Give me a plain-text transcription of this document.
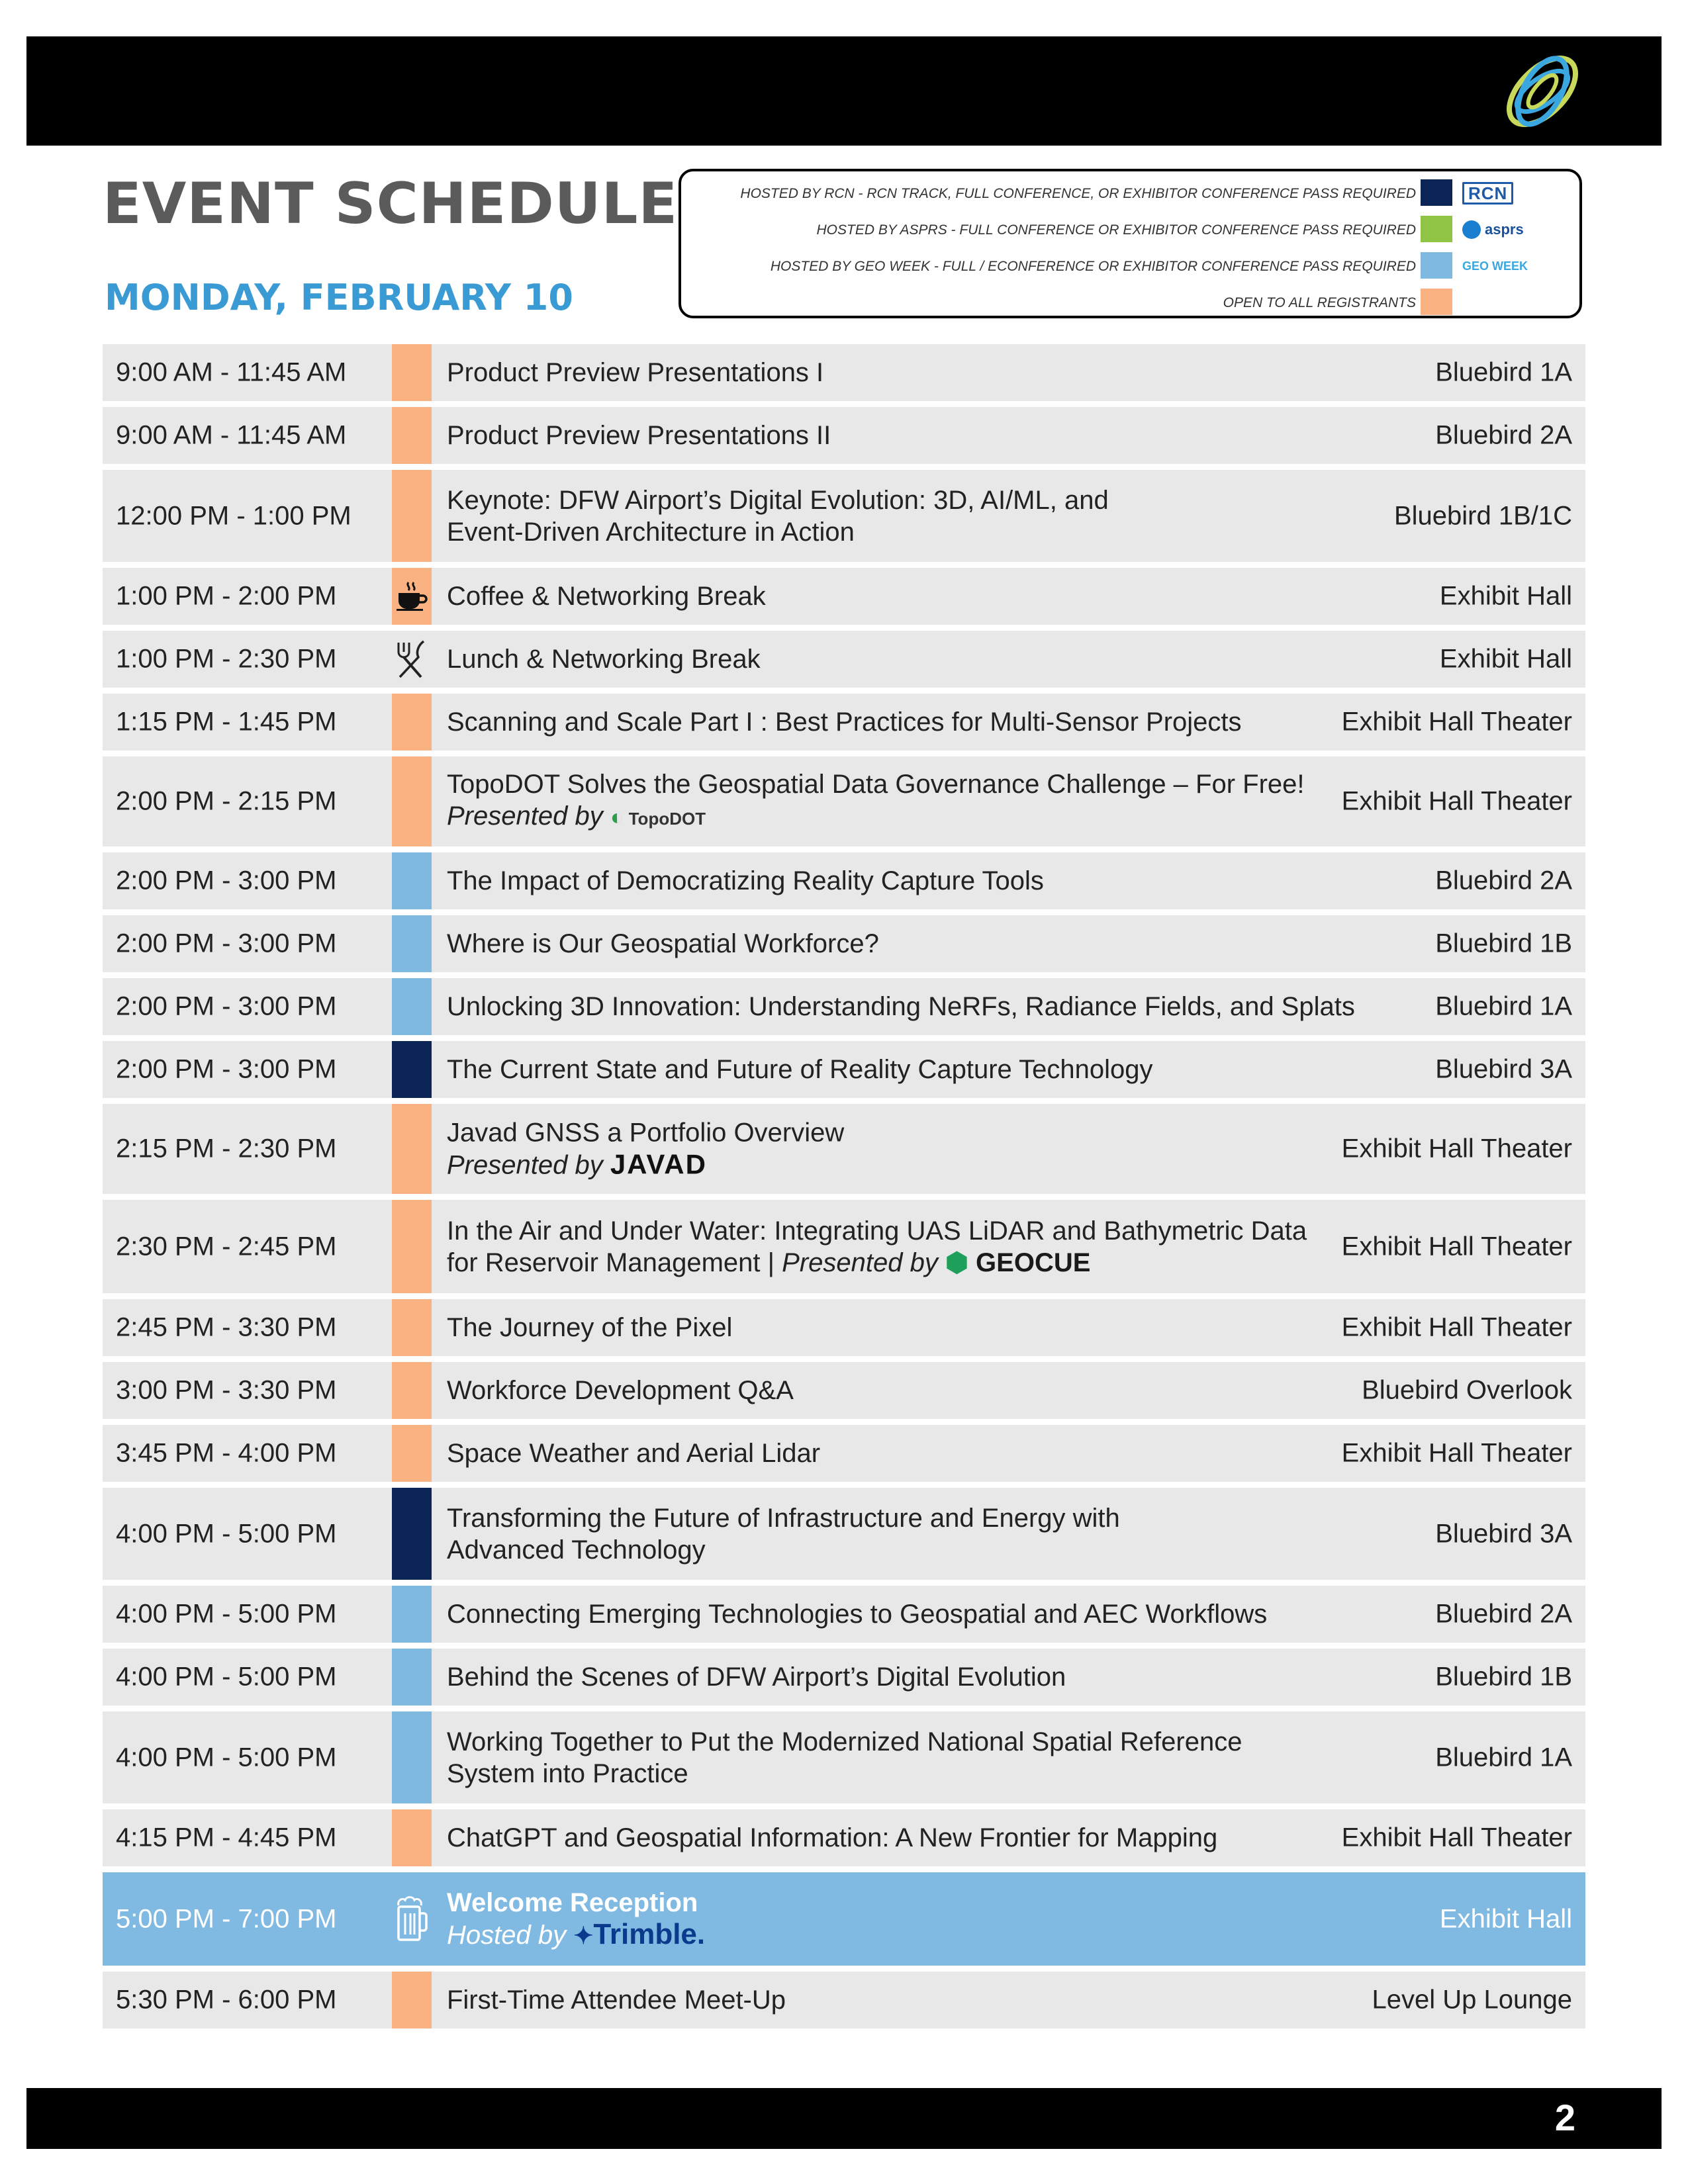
EVENT SCHEDULE
MONDAY, FEBRUARY 10
HOSTED BY RCN - RCN TRACK, FULL CONFERENCE, OR EXHIBITOR CONFERENCE PASS REQUIRED	RCN
HOSTED BY ASPRS - FULL CONFERENCE OR EXHIBITOR CONFERENCE PASS REQUIRED	asprs
HOSTED BY GEO WEEK - FULL / ECONFERENCE OR EXHIBITOR CONFERENCE PASS REQUIRED	GEO WEEK
OPEN TO ALL REGISTRANTS
9:00 AM - 11:45 AM	Product Preview Presentations I	Bluebird 1A
9:00 AM - 11:45 AM	Product Preview Presentations II	Bluebird 2A
12:00 PM - 1:00 PM
Keynote: DFW Airport’s Digital Evolution: 3D, AI/ML, and
Event-Driven Architecture in Action
Bluebird 1B/1C
1:00 PM - 2:00 PM	Coffee & Networking Break	Exhibit Hall
1:00 PM - 2:30 PM	Lunch & Networking Break	Exhibit Hall
1:15 PM - 1:45 PM	Scanning and Scale Part I : Best Practices for Multi-Sensor Projects	Exhibit Hall Theater
2:00 PM - 2:15 PM
TopoDOT Solves the Geospatial Data Governance Challenge – For Free!
Presented by ◐ TopoDOT
Exhibit Hall Theater
2:00 PM - 3:00 PM	The Impact of Democratizing Reality Capture Tools	Bluebird 2A
2:00 PM - 3:00 PM	Where is Our Geospatial Workforce?	Bluebird 1B
2:00 PM - 3:00 PM	Unlocking 3D Innovation: Understanding NeRFs, Radiance Fields, and Splats	Bluebird 1A
2:00 PM - 3:00 PM	The Current State and Future of Reality Capture Technology	Bluebird 3A
2:15 PM - 2:30 PM
Javad GNSS a Portfolio Overview
Presented by JAVAD	Exhibit Hall Theater
2:30 PM - 2:45 PM
In the Air and Under Water: Integrating UAS LiDAR and Bathymetric Data
for Reservoir Management | Presented by ⬢ GEOCUE
Exhibit Hall Theater
2:45 PM - 3:30 PM	The Journey of the Pixel	Exhibit Hall Theater
3:00 PM - 3:30 PM	Workforce Development Q&A	Bluebird Overlook
3:45 PM - 4:00 PM	Space Weather and Aerial Lidar	Exhibit Hall Theater
4:00 PM - 5:00 PM
Transforming the Future of Infrastructure and Energy with
Advanced Technology
Bluebird 3A
4:00 PM - 5:00 PM	Connecting Emerging Technologies to Geospatial and AEC Workflows	Bluebird 2A
4:00 PM - 5:00 PM	Behind the Scenes of DFW Airport’s Digital Evolution	Bluebird 1B
4:00 PM - 5:00 PM
Working Together to Put the Modernized National Spatial Reference
System into Practice
Bluebird 1A
4:15 PM - 4:45 PM	ChatGPT and Geospatial Information: A New Frontier for Mapping	Exhibit Hall Theater
5:00 PM - 7:00 PM
Welcome Reception
Hosted by ✦Trimble.	Exhibit Hall
5:30 PM - 6:00 PM	First-Time Attendee Meet-Up	Level Up Lounge
2
